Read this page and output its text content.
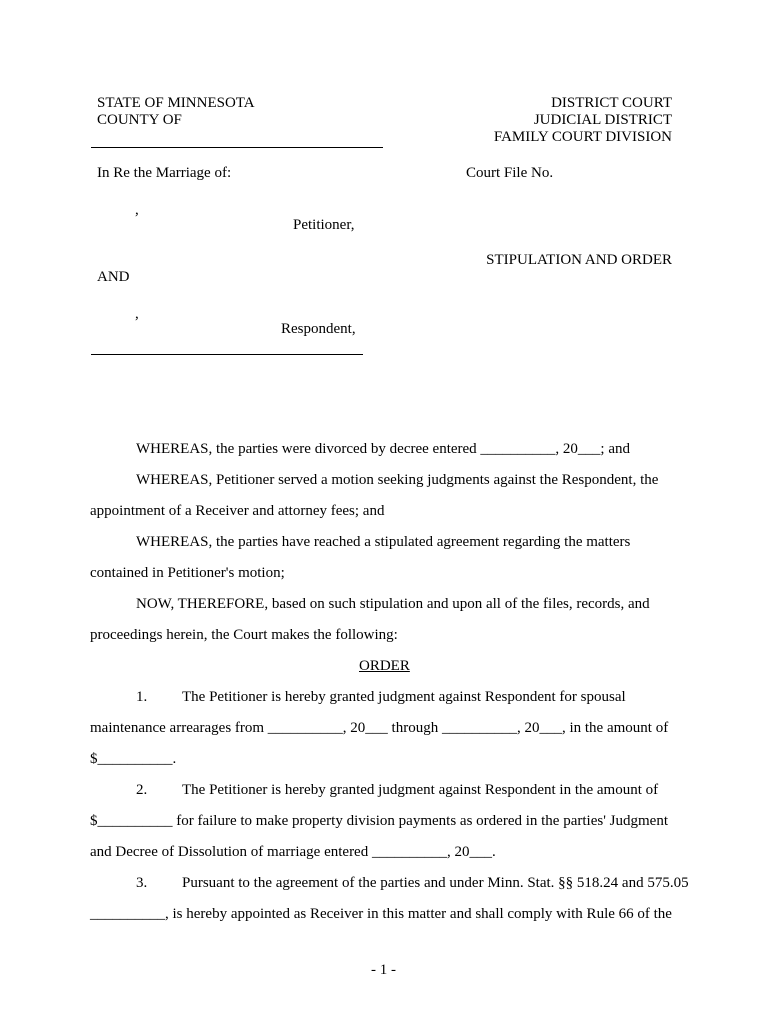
STATE OF MINNESOTA
COUNTY OF
DISTRICT COURT
JUDICIAL DISTRICT
FAMILY COURT DIVISION
In Re the Marriage of:	Court File No.
,
Petitioner,
STIPULATION AND ORDER
AND
,
Respondent,
WHEREAS, the parties were divorced by decree entered __________, 20___; and
WHEREAS, Petitioner served a motion seeking judgments against the Respondent, the
appointment of a Receiver and attorney fees; and
WHEREAS, the parties have reached a stipulated agreement regarding the matters
contained in Petitioner's motion;
NOW, THEREFORE, based on such stipulation and upon all of the files, records, and
proceedings herein, the Court makes the following:
ORDER
1. The Petitioner is hereby granted judgment against Respondent for spousal
maintenance arrearages from __________, 20___ through __________, 20___, in the amount of
$__________.
2. The Petitioner is hereby granted judgment against Respondent in the amount of
$__________ for failure to make property division payments as ordered in the parties' Judgment
and Decree of Dissolution of marriage entered __________, 20___.
3. Pursuant to the agreement of the parties and under Minn. Stat. §§ 518.24 and 575.05
__________, is hereby appointed as Receiver in this matter and shall comply with Rule 66 of the
- 1 -
